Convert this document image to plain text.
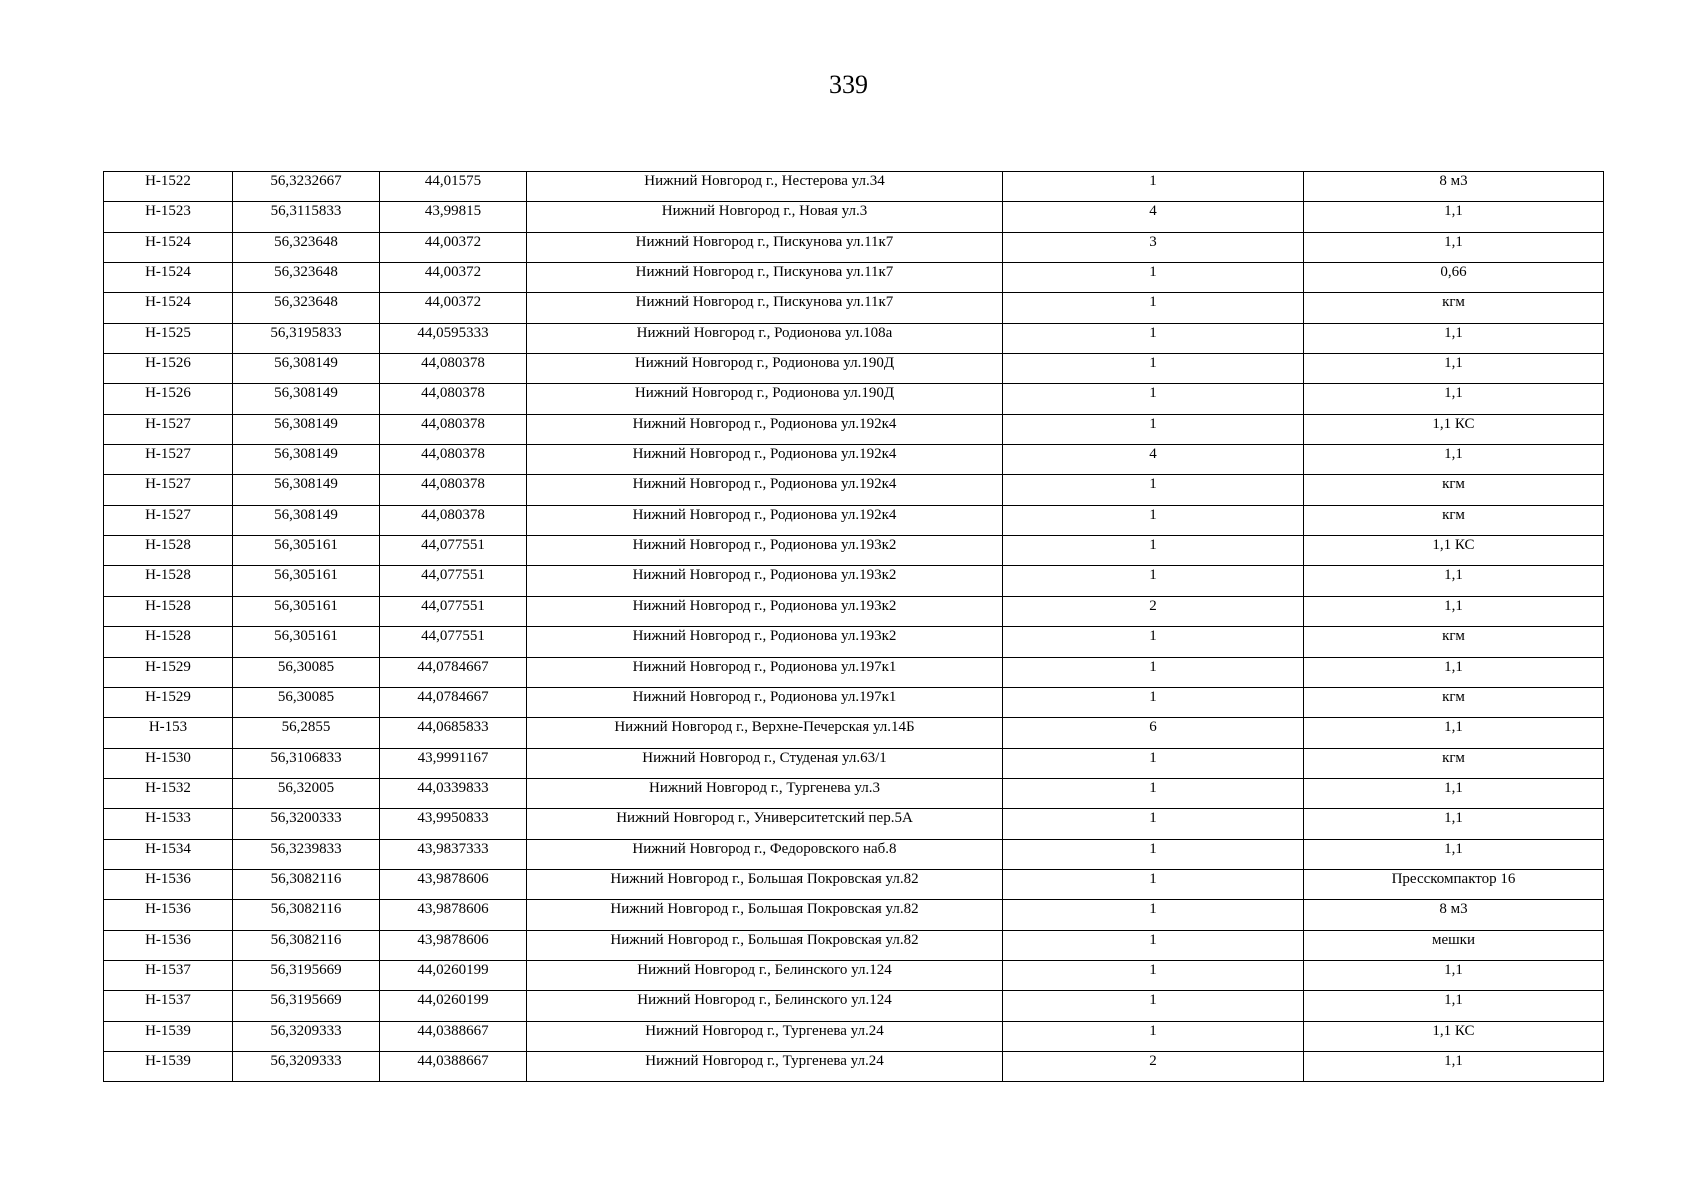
339
Н-1522	56,3232667	44,01575	Нижний Новгород г., Нестерова ул.34	1	8 м3
Н-1523	56,3115833	43,99815	Нижний Новгород г., Новая ул.3	4	1,1
Н-1524	56,323648	44,00372	Нижний Новгород г., Пискунова ул.11к7	3	1,1
Н-1524	56,323648	44,00372	Нижний Новгород г., Пискунова ул.11к7	1	0,66
Н-1524	56,323648	44,00372	Нижний Новгород г., Пискунова ул.11к7	1	кгм
Н-1525	56,3195833	44,0595333	Нижний Новгород г., Родионова ул.108а	1	1,1
Н-1526	56,308149	44,080378	Нижний Новгород г., Родионова ул.190Д	1	1,1
Н-1526	56,308149	44,080378	Нижний Новгород г., Родионова ул.190Д	1	1,1
Н-1527	56,308149	44,080378	Нижний Новгород г., Родионова ул.192к4	1	1,1 КС
Н-1527	56,308149	44,080378	Нижний Новгород г., Родионова ул.192к4	4	1,1
Н-1527	56,308149	44,080378	Нижний Новгород г., Родионова ул.192к4	1	кгм
Н-1527	56,308149	44,080378	Нижний Новгород г., Родионова ул.192к4	1	кгм
Н-1528	56,305161	44,077551	Нижний Новгород г., Родионова ул.193к2	1	1,1 КС
Н-1528	56,305161	44,077551	Нижний Новгород г., Родионова ул.193к2	1	1,1
Н-1528	56,305161	44,077551	Нижний Новгород г., Родионова ул.193к2	2	1,1
Н-1528	56,305161	44,077551	Нижний Новгород г., Родионова ул.193к2	1	кгм
Н-1529	56,30085	44,0784667	Нижний Новгород г., Родионова ул.197к1	1	1,1
Н-1529	56,30085	44,0784667	Нижний Новгород г., Родионова ул.197к1	1	кгм
Н-153	56,2855	44,0685833	Нижний Новгород г., Верхне-Печерская ул.14Б	6	1,1
Н-1530	56,3106833	43,9991167	Нижний Новгород г., Студеная ул.63/1	1	кгм
Н-1532	56,32005	44,0339833	Нижний Новгород г., Тургенева ул.3	1	1,1
Н-1533	56,3200333	43,9950833	Нижний Новгород г., Университетский пер.5А	1	1,1
Н-1534	56,3239833	43,9837333	Нижний Новгород г., Федоровского наб.8	1	1,1
Н-1536	56,3082116	43,9878606	Нижний Новгород г., Большая Покровская ул.82	1	Пресскомпактор 16
Н-1536	56,3082116	43,9878606	Нижний Новгород г., Большая Покровская ул.82	1	8 м3
Н-1536	56,3082116	43,9878606	Нижний Новгород г., Большая Покровская ул.82	1	мешки
Н-1537	56,3195669	44,0260199	Нижний Новгород г., Белинского ул.124	1	1,1
Н-1537	56,3195669	44,0260199	Нижний Новгород г., Белинского ул.124	1	1,1
Н-1539	56,3209333	44,0388667	Нижний Новгород г., Тургенева ул.24	1	1,1 КС
Н-1539	56,3209333	44,0388667	Нижний Новгород г., Тургенева ул.24	2	1,1
